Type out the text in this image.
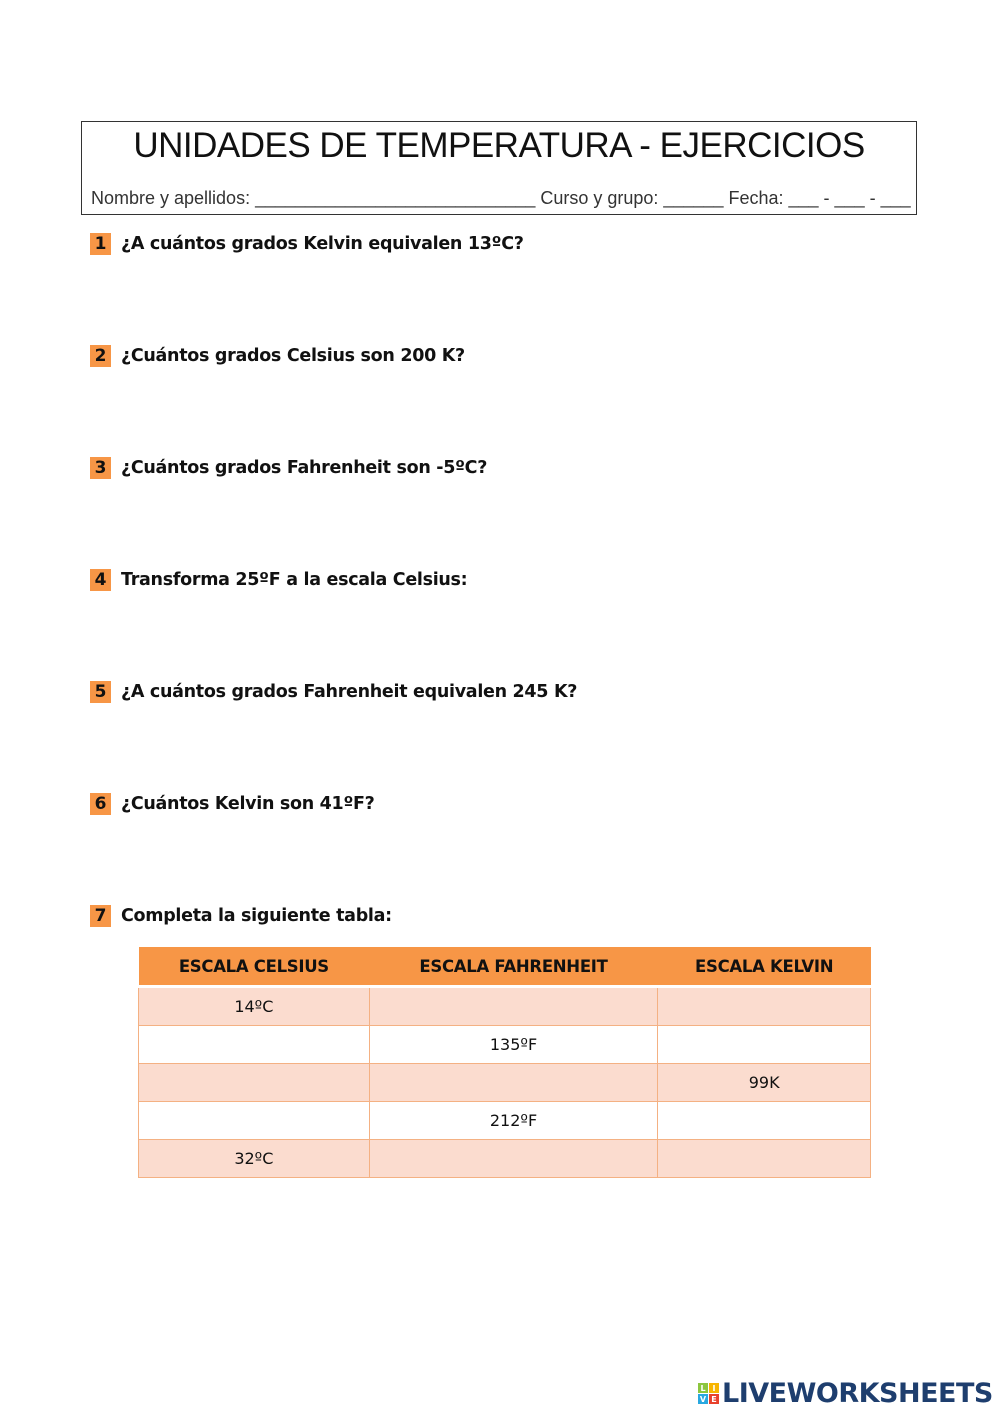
UNIDADES DE TEMPERATURA - EJERCICIOS
Nombre y apellidos: ____________________________ Curso y grupo: ______ Fecha: ___ - ___ - ___
1 ¿A cuántos grados Kelvin equivalen 13ºC?
2 ¿Cuántos grados Celsius son 200 K?
3 ¿Cuántos grados Fahrenheit son -5ºC?
4 Transforma 25ºF a la escala Celsius:
5 ¿A cuántos grados Fahrenheit equivalen 245 K?
6 ¿Cuántos Kelvin son 41ºF?
7 Completa la siguiente tabla:
ESCALA CELSIUS	ESCALA FAHRENHEIT	ESCALA KELVIN
14ºC		
	135ºF	
		99K
	212ºF	
32ºC		
L I
V E LIVEWORKSHEETS
